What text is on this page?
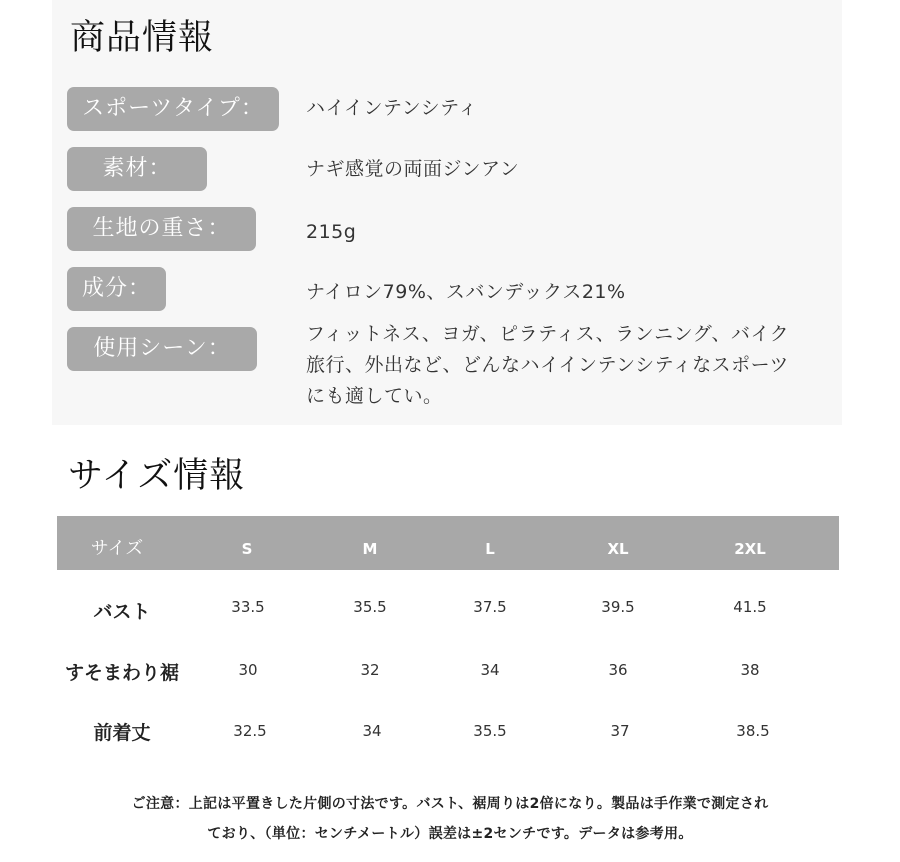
商品情報
スポーツタイプ：	ハイインテンシティ
素材：	ナギ感覚の両面ジンアン
生地の重さ：	215g
成分：	ナイロン79%、スバンデックス21%
使用シーン：
フィットネス、ヨガ、ピラティス、ランニング、バイク
旅行、外出など、どんなハイインテンシティなスポーツ
にも適してい。
サイズ情報
サイズ	S	M	L	XL	2XL
バスト	33.5	35.5	37.5	39.5	41.5
すそまわり裾	30	32	34	36	38
前着丈	32.5	34	35.5	37	38.5
ご注意：上記は平置きした片側の寸法です。バスト、裾周りは2倍になり。製品は手作業で測定され
ており、（単位：センチメートル）誤差は±2センチです。データは参考用。
